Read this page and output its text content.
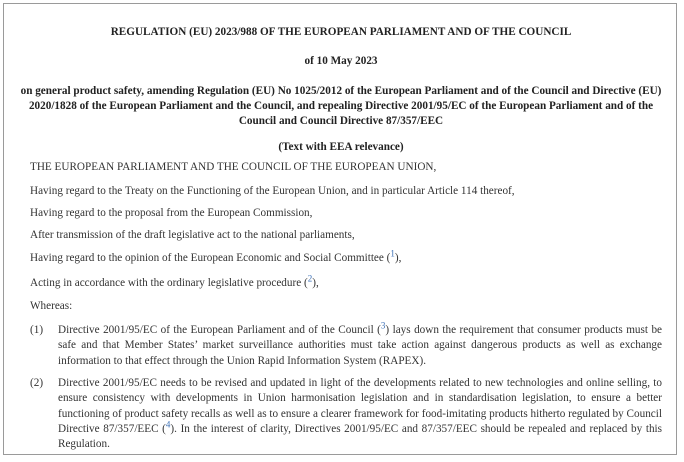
REGULATION (EU) 2023/988 OF THE EUROPEAN PARLIAMENT AND OF THE COUNCIL
of 10 May 2023
on general product safety, amending Regulation (EU) No 1025/2012 of the European Parliament and of the Council and Directive (EU) 2020/1828 of the European Parliament and the Council, and repealing Directive 2001/95/EC of the European Parliament and of the Council and Council Directive 87/357/EEC
(Text with EEA relevance)
THE EUROPEAN PARLIAMENT AND THE COUNCIL OF THE EUROPEAN UNION,
Having regard to the Treaty on the Functioning of the European Union, and in particular Article 114 thereof,
Having regard to the proposal from the European Commission,
After transmission of the draft legislative act to the national parliaments,
Having regard to the opinion of the European Economic and Social Committee ($^1$),
Acting in accordance with the ordinary legislative procedure ($^2$),
Whereas:
(1) Directive 2001/95/EC of the European Parliament and of the Council ($^3$) lays down the requirement that consumer products must be safe and that Member States’ market surveillance authorities must take action against dangerous products as well as exchange information to that effect through the Union Rapid Information System (RAPEX).
(2) Directive 2001/95/EC needs to be revised and updated in light of the developments related to new technologies and online selling, to ensure consistency with developments in Union harmonisation legislation and in standardisation legislation, to ensure a better functioning of product safety recalls as well as to ensure a clearer framework for food-imitating products hitherto regulated by Council Directive 87/357/EEC ($^4$). In the interest of clarity, Directives 2001/95/EC and 87/357/EEC should be repealed and replaced by this Regulation.
